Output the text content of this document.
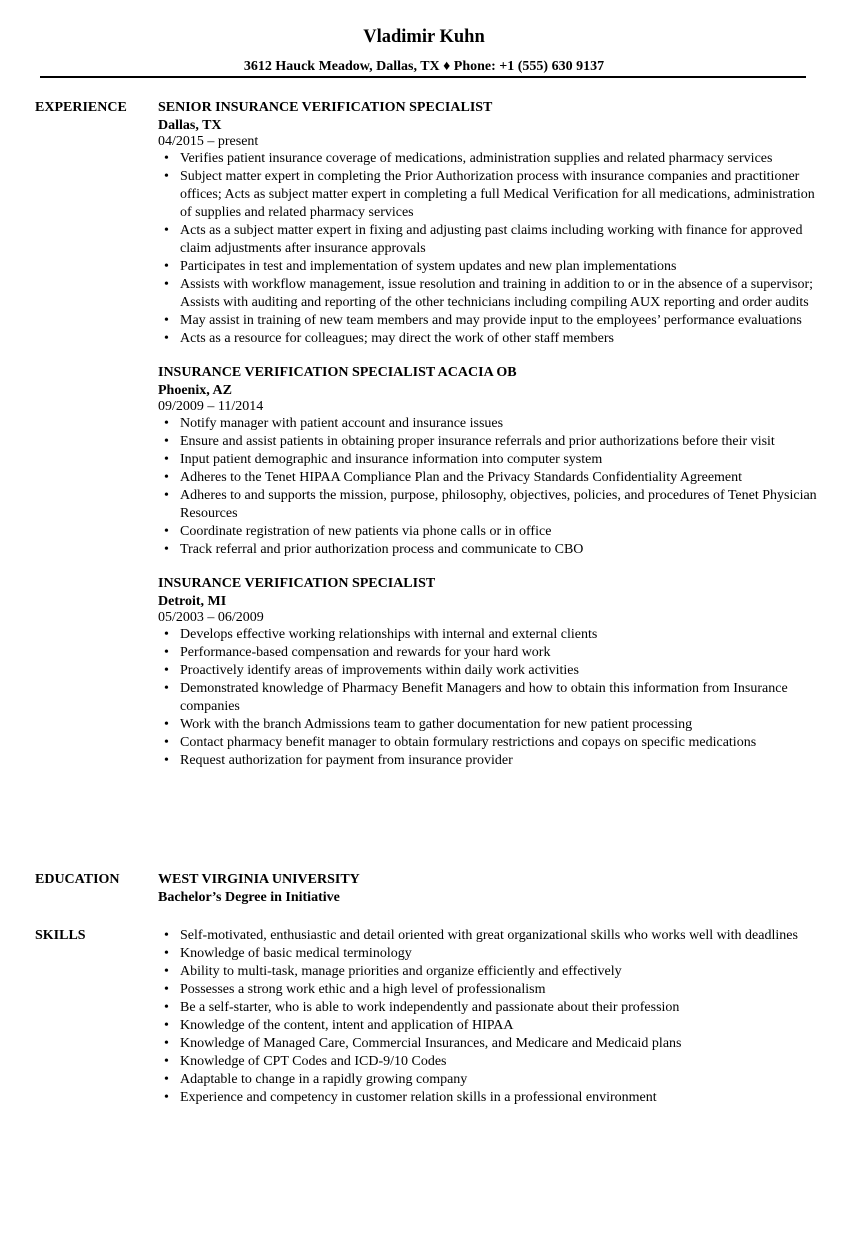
Vladimir Kuhn
3612 Hauck Meadow, Dallas, TX ♦ Phone: +1 (555) 630 9137
EXPERIENCE SENIOR INSURANCE VERIFICATION SPECIALIST
Dallas, TX
04/2015 – present
• Verifies patient insurance coverage of medications, administration supplies and related pharmacy services
• Subject matter expert in completing the Prior Authorization process with insurance companies and practitioner offices; Acts as subject matter expert in completing a full Medical Verification for all medications, administration of supplies and related pharmacy services
• Acts as a subject matter expert in fixing and adjusting past claims including working with finance for approved claim adjustments after insurance approvals
• Participates in test and implementation of system updates and new plan implementations
• Assists with workflow management, issue resolution and training in addition to or in the absence of a supervisor; Assists with auditing and reporting of the other technicians including compiling AUX reporting and order audits
• May assist in training of new team members and may provide input to the employees’ performance evaluations
• Acts as a resource for colleagues; may direct the work of other staff members
INSURANCE VERIFICATION SPECIALIST ACACIA OB
Phoenix, AZ
09/2009 – 11/2014
• Notify manager with patient account and insurance issues
• Ensure and assist patients in obtaining proper insurance referrals and prior authorizations before their visit
• Input patient demographic and insurance information into computer system
• Adheres to the Tenet HIPAA Compliance Plan and the Privacy Standards Confidentiality Agreement
• Adheres to and supports the mission, purpose, philosophy, objectives, policies, and procedures of Tenet Physician Resources
• Coordinate registration of new patients via phone calls or in office
• Track referral and prior authorization process and communicate to CBO
INSURANCE VERIFICATION SPECIALIST
Detroit, MI
05/2003 – 06/2009
• Develops effective working relationships with internal and external clients
• Performance-based compensation and rewards for your hard work
• Proactively identify areas of improvements within daily work activities
• Demonstrated knowledge of Pharmacy Benefit Managers and how to obtain this information from Insurance companies
• Work with the branch Admissions team to gather documentation for new patient processing
• Contact pharmacy benefit manager to obtain formulary restrictions and copays on specific medications
• Request authorization for payment from insurance provider
EDUCATION	WEST VIRGINIA UNIVERSITY
Bachelor’s Degree in Initiative
SKILLS
•	Self-motivated, enthusiastic and detail oriented with great organizational skills who works well with deadlines
• Knowledge of basic medical terminology
• Ability to multi-task, manage priorities and organize efficiently and effectively
• Possesses a strong work ethic and a high level of professionalism
• Be a self-starter, who is able to work independently and passionate about their profession
• Knowledge of the content, intent and application of HIPAA
• Knowledge of Managed Care, Commercial Insurances, and Medicare and Medicaid plans
• Knowledge of CPT Codes and ICD-9/10 Codes
• Adaptable to change in a rapidly growing company
• Experience and competency in customer relation skills in a professional environment
